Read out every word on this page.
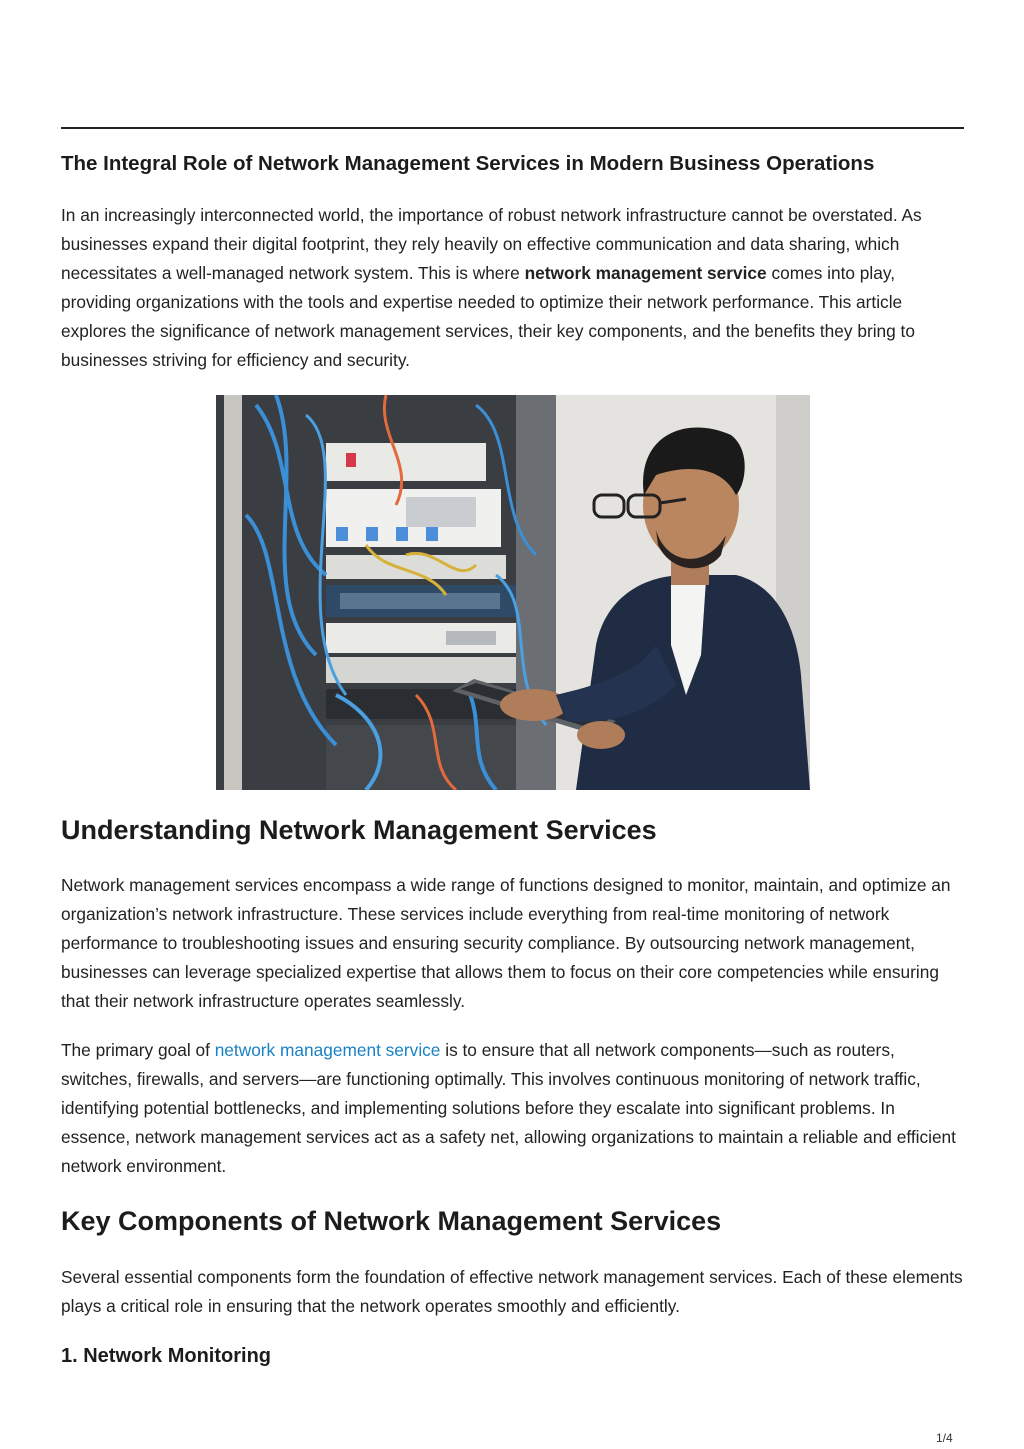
The Integral Role of Network Management Services in Modern Business Operations

In an increasingly interconnected world, the importance of robust network infrastructure cannot be overstated. As businesses expand their digital footprint, they rely heavily on effective communication and data sharing, which necessitates a well-managed network system. This is where network management service comes into play, providing organizations with the tools and expertise needed to optimize their network performance. This article explores the significance of network management services, their key components, and the benefits they bring to businesses striving for efficiency and security.

Understanding Network Management Services

Network management services encompass a wide range of functions designed to monitor, maintain, and optimize an organization’s network infrastructure. These services include everything from real-time monitoring of network performance to troubleshooting issues and ensuring security compliance. By outsourcing network management, businesses can leverage specialized expertise that allows them to focus on their core competencies while ensuring that their network infrastructure operates seamlessly.

The primary goal of network management service is to ensure that all network components—such as routers, switches, firewalls, and servers—are functioning optimally. This involves continuous monitoring of network traffic, identifying potential bottlenecks, and implementing solutions before they escalate into significant problems. In essence, network management services act as a safety net, allowing organizations to maintain a reliable and efficient network environment.

Key Components of Network Management Services

Several essential components form the foundation of effective network management services. Each of these elements plays a critical role in ensuring that the network operates smoothly and efficiently.

1. Network Monitoring
1/4
